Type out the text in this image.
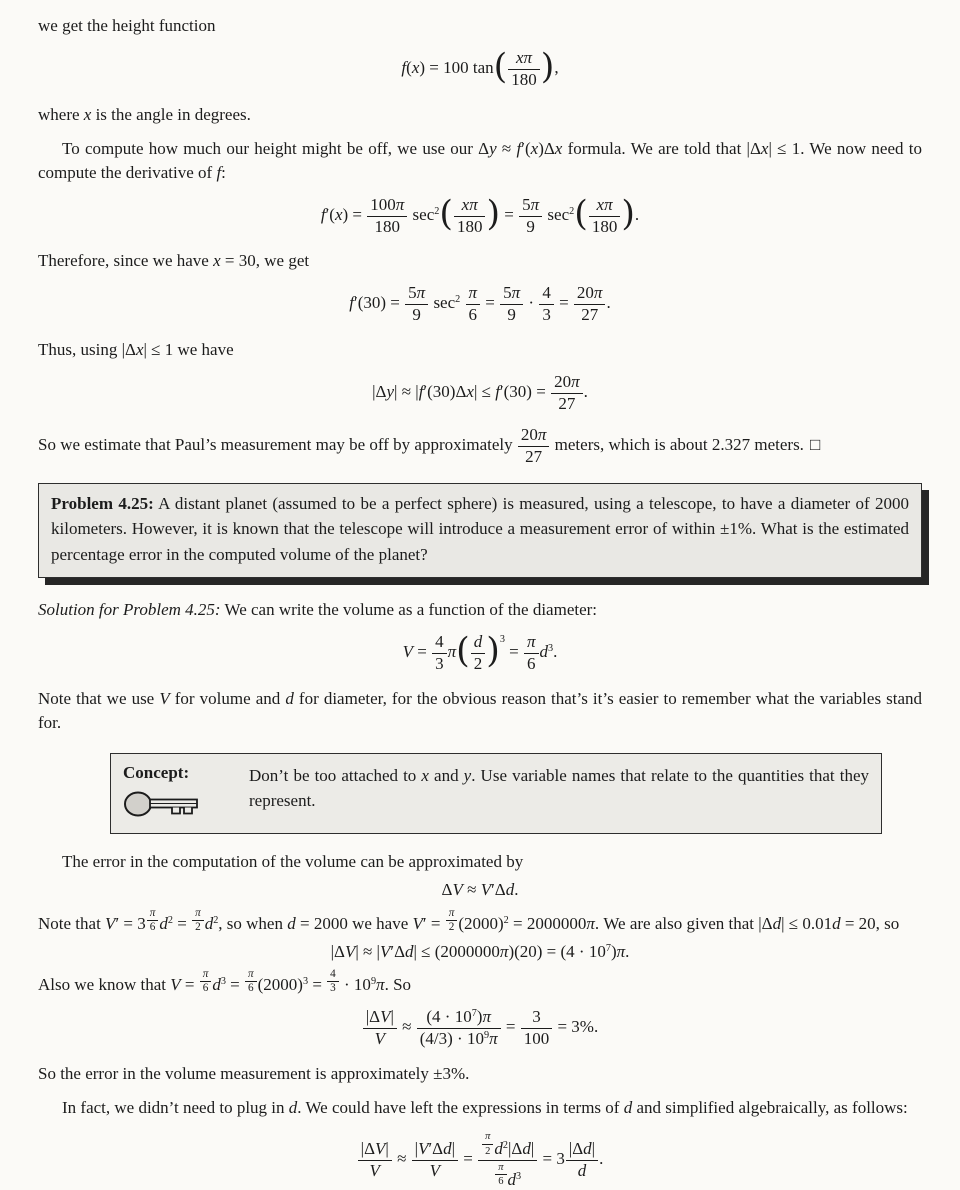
we get the height function

f(x) = 100 $\tan( \frac{x\pi}{180}$ ),

where x is the angle in degrees.

To compute how much our height might be off, we use our Δy ≈ f′(x)Δx formula. We are told that |Δx| ≤ 1. We now need to compute the derivative of f:

$f'(x) = \frac{100\pi}{180} \sec^2( \frac{x\pi}{180}$ ) = $\frac{5\pi}{9} \sec^2( \frac{x\pi}{180}$ ).

Therefore, since we have x = 30, we get

$f'(30) = \frac{5\pi}{9} \sec^2 \frac{\pi}{6} = \frac{5\pi}{9} \cdot \frac{4}{3} = \frac{20\pi}{27}$ .

Thus, using |Δx| ≤ 1 we have

$|\Delta y| \approx |f'(30)\Delta x| \le f'(30) = \frac{20\pi}{27}$ .

So we estimate that Paul’s measurement may be off by approximately $\frac{20\pi}{27}$ meters, which is about 2.327 meters. □

Problem 4.25: A distant planet (assumed to be a perfect sphere) is measured, using a telescope, to have a diameter of 2000 kilometers. However, it is known that the telescope will introduce a measurement error of within ±1%. What is the estimated percentage error in the computed volume of the planet?

Solution for Problem 4.25: We can write the volume as a function of the diameter:

$V = \frac{4}{3} \pi( \frac{d}{2} )^3 = \frac{\pi}{6} d^3$.

Note that we use V for volume and d for diameter, for the obvious reason that’s it’s easier to remember what the variables stand for.

Concept:	Don’t be too attached to x and y. Use variable names that relate to the quantities that they represent.

The error in the computation of the volume can be approximated by

ΔV ≈ V′Δd.

Note that $V' = 3 \frac{\pi}{6} d^2 = \frac{\pi}{2} d^2$, so when d = 2000 we have $V' = \frac{\pi}{2} (2000)^2 = 2000000\pi$. We are also given that |Δd| ≤ 0.01d = 20, so

$|\Delta V| \approx |V'\Delta d| \le (2000000\pi)(20) = (4 \cdot 10^7)\pi$.

Also we know that $V = \frac{\pi}{6} d^3 = \frac{\pi}{6} (2000)^3 = \frac{4}{3} \cdot 10^9\pi$. So

$\frac{|\Delta V|}{V} \approx \frac{(4 \cdot 10^7)\pi}{(4/3) \cdot 10^9\pi} = \frac{3}{100} = 3\%$.

So the error in the volume measurement is approximately ±3%.

In fact, we didn’t need to plug in d. We could have left the expressions in terms of d and simplified algebraically, as follows:

$\frac{|\Delta V|}{V} \approx \frac{|V'\Delta d|}{V} = \frac{\frac{\pi}{2} d^2|\Delta d|}{\frac{\pi}{6} d^3} = 3 \frac{|\Delta d|}{d}$ .
